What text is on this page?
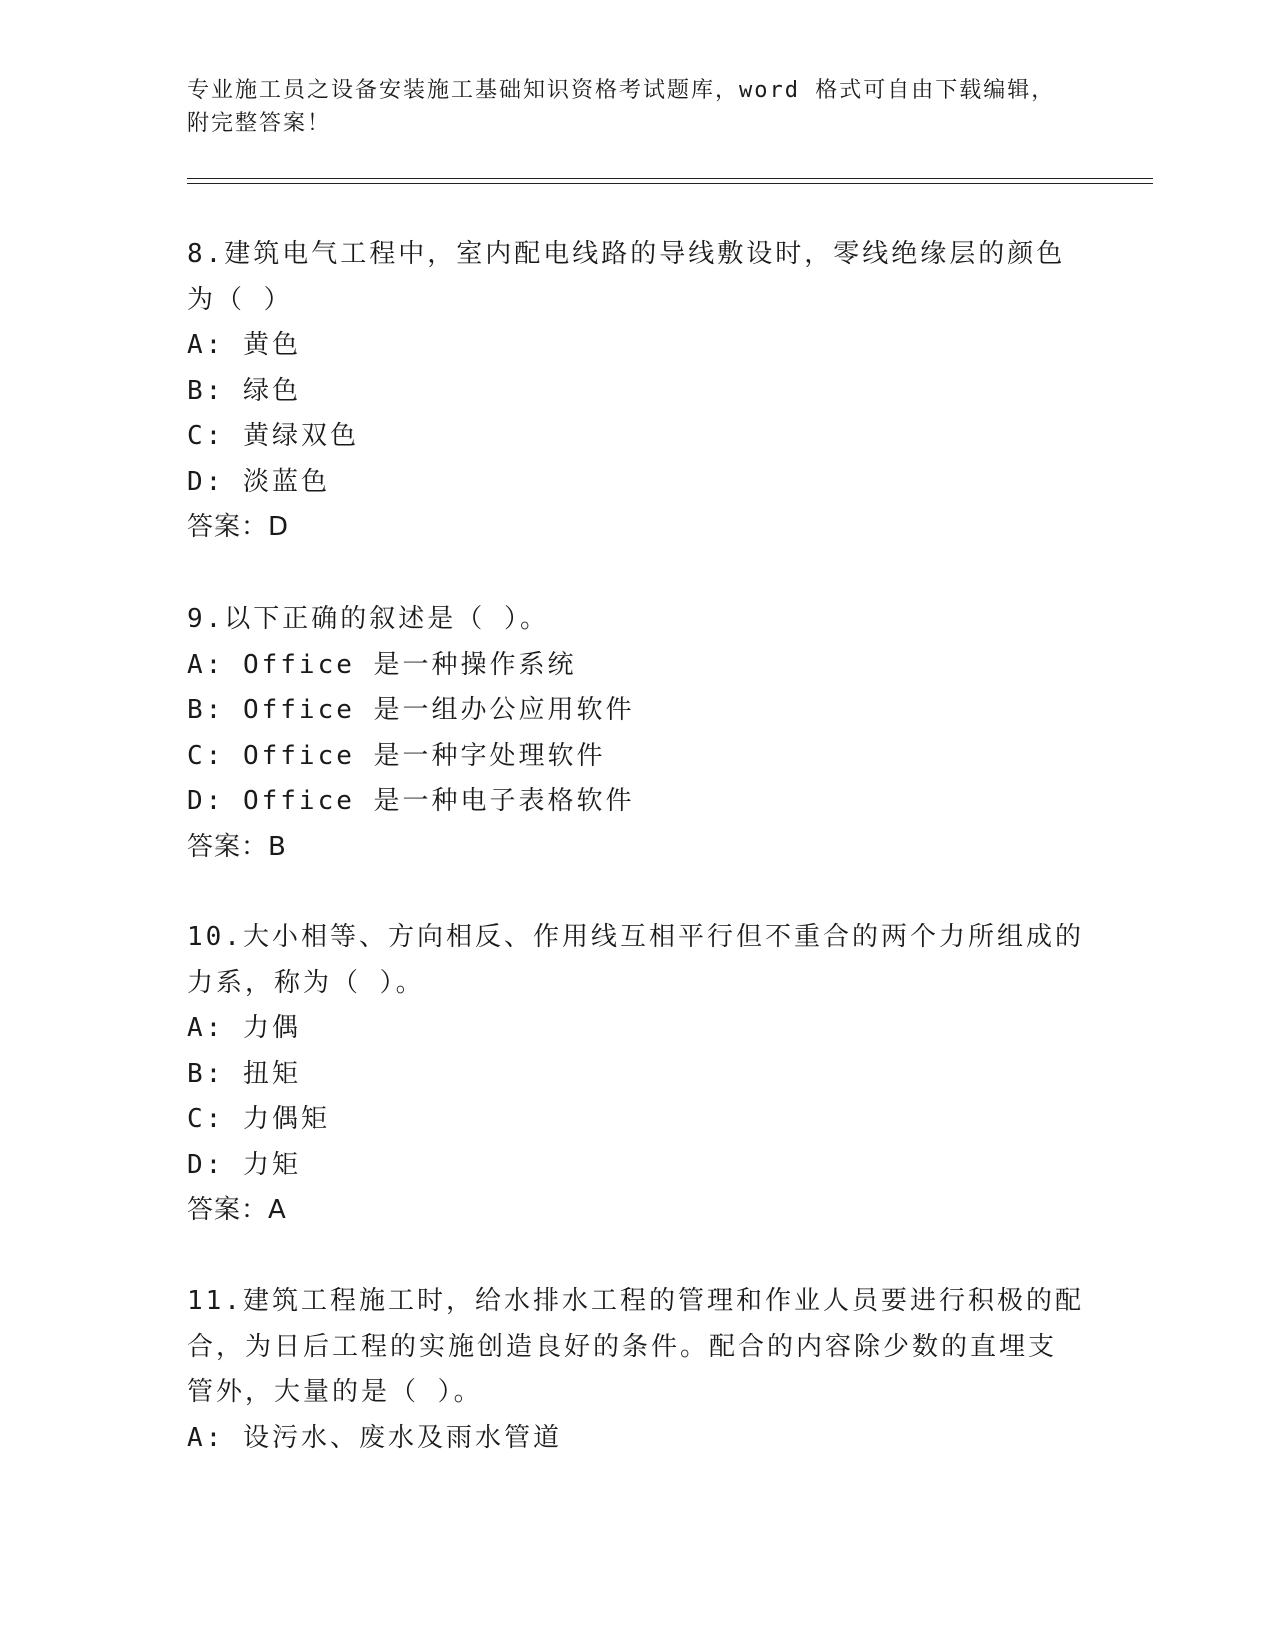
专业施工员之设备安装施工基础知识资格考试题库，word 格式可自由下载编辑，
附完整答案！
8.建筑电气工程中，室内配电线路的导线敷设时，零线绝缘层的颜色
为（ ）
A: 黄色
B: 绿色
C: 黄绿双色
D: 淡蓝色
答案：D
9.以下正确的叙述是（ ）。
A: Office 是一种操作系统
B: Office 是一组办公应用软件
C: Office 是一种字处理软件
D: Office 是一种电子表格软件
答案：B
10.大小相等、方向相反、作用线互相平行但不重合的两个力所组成的
力系，称为（ ）。
A: 力偶
B: 扭矩
C: 力偶矩
D: 力矩
答案：A
11.建筑工程施工时，给水排水工程的管理和作业人员要进行积极的配
合，为日后工程的实施创造良好的条件。配合的内容除少数的直埋支
管外，大量的是（ ）。
A: 设污水、废水及雨水管道
